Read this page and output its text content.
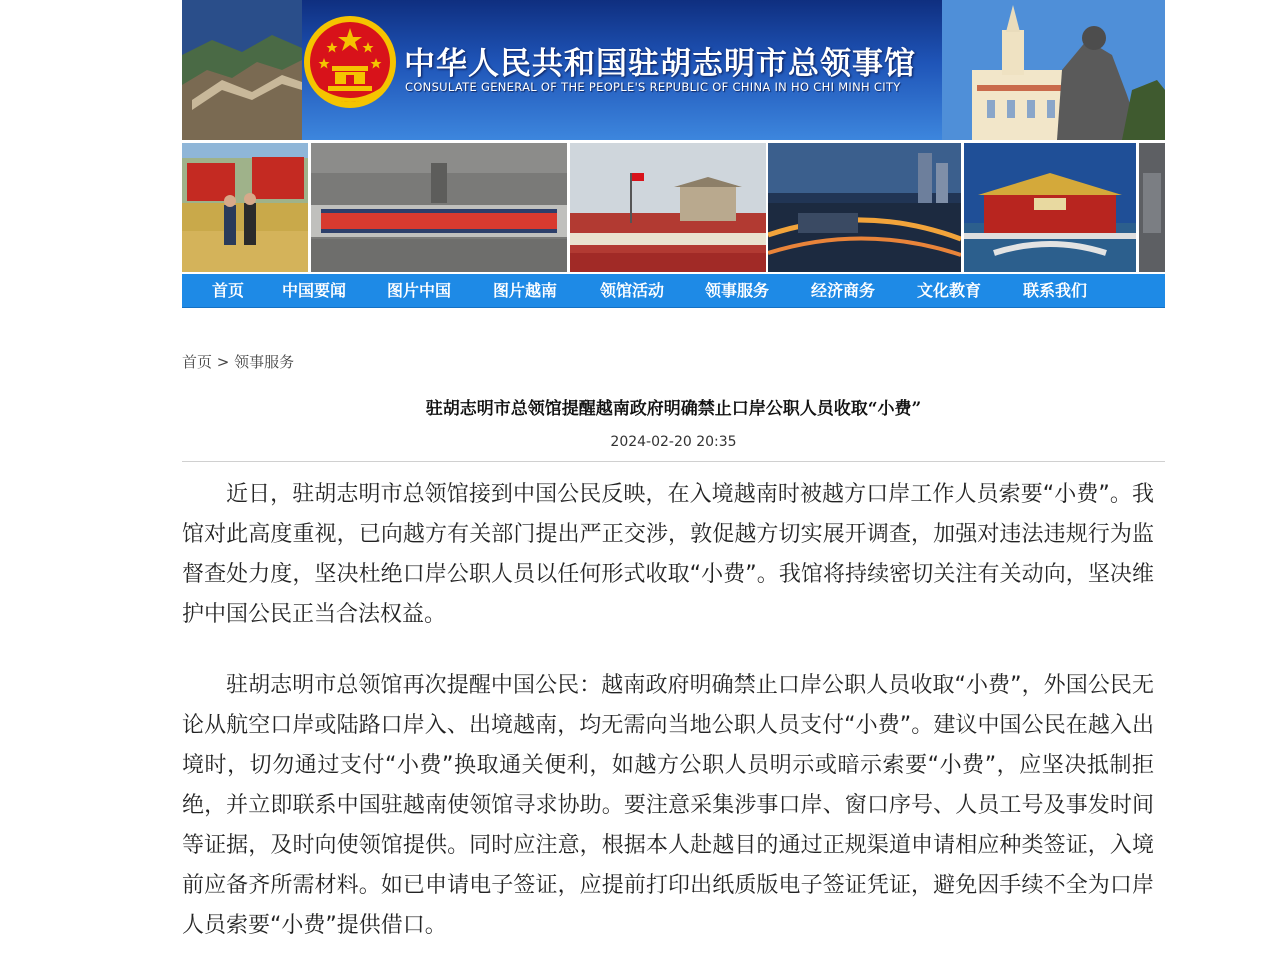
中华人民共和国驻胡志明市总领事馆
CONSULATE GENERAL OF THE PEOPLE'S REPUBLIC OF CHINA IN HO CHI MINH CITY
首页 中国要闻	图片中国	图片越南	领馆活动	领事服务	经济商务	文化教育	联系我们
首页 > 领事服务
驻胡志明市总领馆提醒越南政府明确禁止口岸公职人员收取“小费”
2024-02-20 20:35

近日，驻胡志明市总领馆接到中国公民反映，在入境越南时被越方口岸工作人员索要“小费”。我馆对此高度重视，已向越方有关部门提出严正交涉，敦促越方切实展开调查，加强对违法违规行为监督查处力度，坚决杜绝口岸公职人员以任何形式收取“小费”。我馆将持续密切关注有关动向，坚决维护中国公民正当合法权益。

驻胡志明市总领馆再次提醒中国公民：越南政府明确禁止口岸公职人员收取“小费”，外国公民无论从航空口岸或陆路口岸入、出境越南，均无需向当地公职人员支付“小费”。建议中国公民在越入出境时，切勿通过支付“小费”换取通关便利，如越方公职人员明示或暗示索要“小费”，应坚决抵制拒绝，并立即联系中国驻越南使领馆寻求协助。要注意采集涉事口岸、窗口序号、人员工号及事发时间等证据，及时向使领馆提供。同时应注意，根据本人赴越目的通过正规渠道申请相应种类签证，入境前应备齐所需材料。如已申请电子签证，应提前打印出纸质版电子签证凭证，避免因手续不全为口岸人员索要“小费”提供借口。
